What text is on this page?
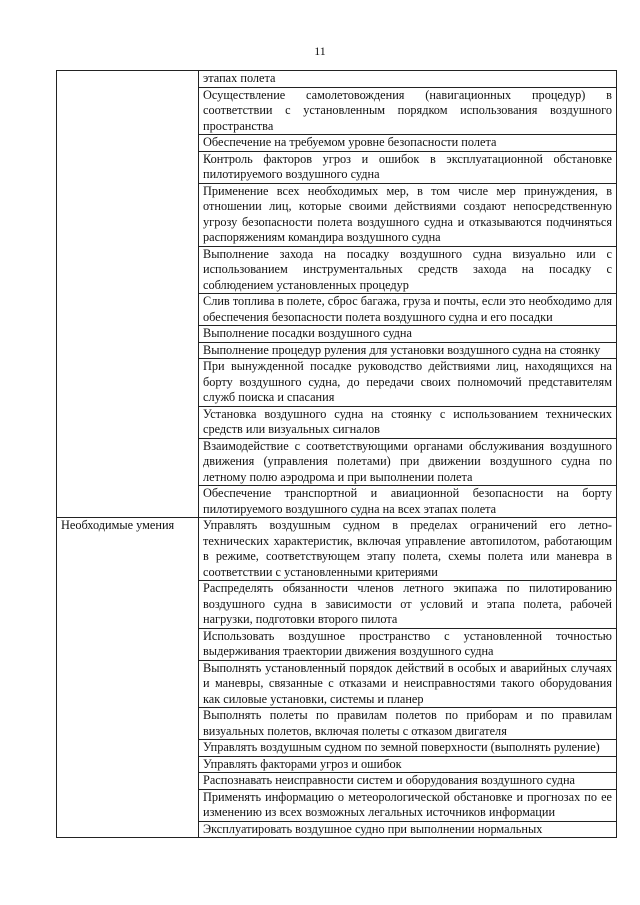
11
	этапах полета
	Осуществление самолетовождения (навигационных процедур) в соответствии с установленным порядком использования воздушного пространства
	Обеспечение на требуемом уровне безопасности полета
	Контроль факторов угроз и ошибок в эксплуатационной обстановке пилотируемого воздушного судна
	Применение всех необходимых мер, в том числе мер принуждения, в отношении лиц, которые своими действиями создают непосредственную угрозу безопасности полета воздушного судна и отказываются подчиняться распоряжениям командира воздушного судна
	Выполнение захода на посадку воздушного судна визуально или с использованием инструментальных средств захода на посадку с соблюдением установленных процедур
	Слив топлива в полете, сброс багажа, груза и почты, если это необходимо для обеспечения безопасности полета воздушного судна и его посадки
	Выполнение посадки воздушного судна
	Выполнение процедур руления для установки воздушного судна на стоянку
	При вынужденной посадке руководство действиями лиц, находящихся на борту воздушного судна, до передачи своих полномочий представителям служб поиска и спасания
	Установка воздушного судна на стоянку с использованием технических средств или визуальных сигналов
	Взаимодействие с соответствующими органами обслуживания воздушного движения (управления полетами) при движении воздушного судна по летному полю аэродрома и при выполнении полета
	Обеспечение транспортной и авиационной безопасности на борту пилотируемого воздушного судна на всех этапах полета
Необходимые умения	Управлять воздушным судном в пределах ограничений его летно-технических характеристик, включая управление автопилотом, работающим в режиме, соответствующем этапу полета, схемы полета или маневра в соответствии с установленными критериями
	Распределять обязанности членов летного экипажа по пилотированию воздушного судна в зависимости от условий и этапа полета, рабочей нагрузки, подготовки второго пилота
	Использовать воздушное пространство с установленной точностью выдерживания траектории движения воздушного судна
	Выполнять установленный порядок действий в особых и аварийных случаях и маневры, связанные с отказами и неисправностями такого оборудования как силовые установки, системы и планер
	Выполнять полеты по правилам полетов по приборам и по правилам визуальных полетов, включая полеты с отказом двигателя
	Управлять воздушным судном по земной поверхности (выполнять руление)
	Управлять факторами угроз и ошибок
	Распознавать неисправности систем и оборудования воздушного судна
	Применять информацию о метеорологической обстановке и прогнозах по ее изменению из всех возможных легальных источников информации
	Эксплуатировать воздушное судно при выполнении нормальных
